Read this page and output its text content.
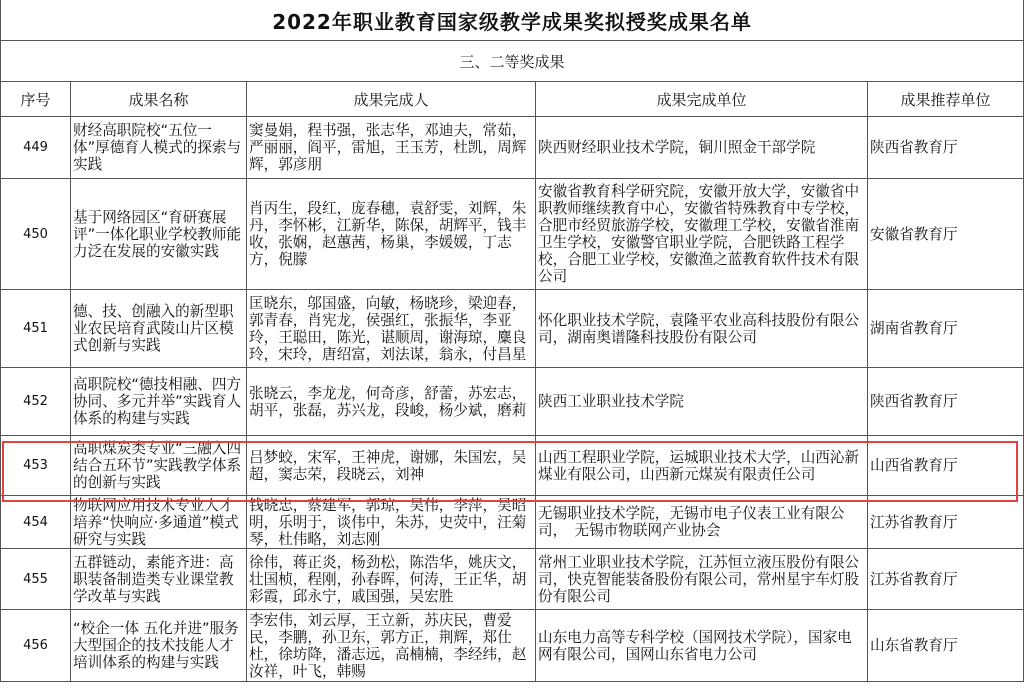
2022年职业教育国家级教学成果奖拟授奖成果名单				
三、二等奖成果				
序号	成果名称	成果完成人	成果完成单位	成果推荐单位
449	财经高职院校“五位一体”厚德育人模式的探索与实践	窦曼娟，程书强，张志华，邓迪夫，常茹，严丽丽，阎平，雷旭，王玉芳，杜凯，周辉辉，郭彦朋	陕西财经职业技术学院，铜川照金干部学院	陕西省教育厅
450	基于网络园区“育研赛展评”一体化职业学校教师能力泛在发展的安徽实践	肖丙生，段红，庞春穗，袁舒雯，刘辉，朱丹，李怀彬，江新华，陈保，胡辉平，钱丰收，张娴，赵蕙茜，杨巢，李媛媛，丁志方，倪朦	安徽省教育科学研究院，安徽开放大学，安徽省中职教师继续教育中心，安徽省特殊教育中专学校，合肥市经贸旅游学校，安徽理工学校，安徽省淮南卫生学校，安徽警官职业学院，合肥铁路工程学校，合肥工业学校，安徽渔之蓝教育软件技术有限公司	安徽省教育厅
451	德、技、创融入的新型职业农民培育武陵山片区模式创新与实践	匡晓东，邬国盛，向敏，杨晓珍，梁迎春，郭青春，肖宪龙，侯强红，张振华，李亚玲，王聪田，陈光，谌顺周，谢海琼，麋良玲，宋玲，唐绍富，刘法谋，翁永，付昌星	怀化职业技术学院，袁隆平农业高科技股份有限公司，湖南奥谱隆科技股份有限公司	湖南省教育厅
452	高职院校“德技相融、四方协同、多元并举”实践育人体系的构建与实践	张晓云，李龙龙，何奇彦，舒蕾，苏宏志，胡平，张磊，苏兴龙，段峻，杨少斌，磨莉	陕西工业职业技术学院	陕西省教育厅
453	高职煤炭类专业“三融入四结合五环节”实践教学体系的创新与实践	吕梦蛟，宋军，王神虎，谢娜，朱国宏，吴超，窦志荣，段晓云，刘神	山西工程职业学院，运城职业技术大学，山西沁新煤业有限公司，山西新元煤炭有限责任公司	山西省教育厅
454	物联网应用技术专业人才培养“快响应·多通道”模式研究与实践	钱晓忠，蔡建军，郭琼，吴伟，李萍，吴昭明，乐明于，谈伟中，朱苏，史荧中，汪菊琴，杜伟略，刘志刚	无锡职业技术学院，无锡市电子仪表工业有限公司，　无锡市物联网产业协会	江苏省教育厅
455	五群链动，素能齐进：高职装备制造类专业课堂教学改革与实践	徐伟，蒋正炎，杨劲松，陈浩华，姚庆文，壮国桢，程刚，孙春晖，何涛，王正华，胡彩霞，邱永宁，戚国强，吴宏胜	常州工业职业技术学院，江苏恒立液压股份有限公司，快克智能装备股份有限公司，常州星宇车灯股份有限公司	江苏省教育厅
456	“校企一体 五化并进”服务大型国企的技术技能人才培训体系的构建与实践	李宏伟，刘云厚，王立新，苏庆民，曹爱民，李鹏，孙卫东，郭方正，荆辉，郑仕杜，徐坊降，潘志远，高楠楠，李经纬，赵汝祥，叶飞，韩赐	山东电力高等专科学校（国网技术学院），国家电网有限公司，国网山东省电力公司	山东省教育厅
